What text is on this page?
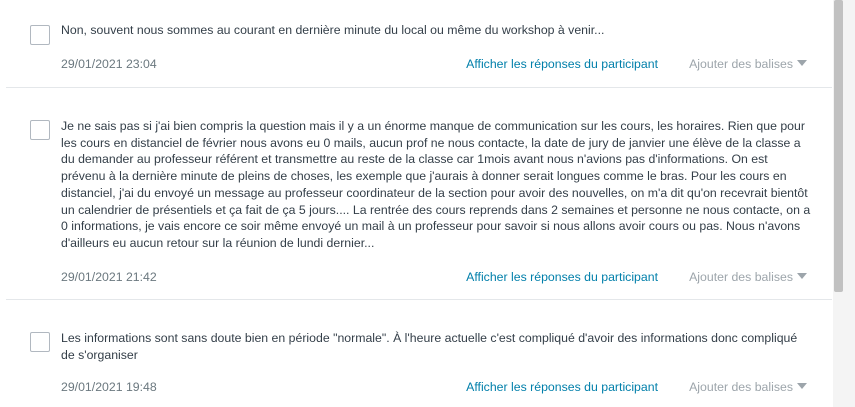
Non, souvent nous sommes au courant en dernière minute du local ou même du workshop à venir...

29/01/2021 23:04	Afficher les réponses du participant	Ajouter des balises

Je ne sais pas si j'ai bien compris la question mais il y a un énorme manque de communication sur les cours, les horaires. Rien que pour les cours en distanciel de février nous avons eu 0 mails, aucun prof ne nous contacte, la date de jury de janvier une élève de la classe a du demander au professeur référent et transmettre au reste de la classe car 1mois avant nous n'avions pas d'informations. On est prévenu à la dernière minute de pleins de choses, les exemple que j'aurais à donner serait longues comme le bras. Pour les cours en distanciel, j'ai du envoyé un message au professeur coordinateur de la section pour avoir des nouvelles, on m'a dit qu'on recevrait bientôt un calendrier de présentiels et ça fait de ça 5 jours.... La rentrée des cours reprends dans 2 semaines et personne ne nous contacte, on a 0 informations, je vais encore ce soir même envoyé un mail à un professeur pour savoir si nous allons avoir cours ou pas. Nous n'avons d'ailleurs eu aucun retour sur la réunion de lundi dernier...

29/01/2021 21:42	Afficher les réponses du participant	Ajouter des balises

Les informations sont sans doute bien en période "normale". À l'heure actuelle c'est compliqué d'avoir des informations donc compliqué de s'organiser

29/01/2021 19:48	Afficher les réponses du participant	Ajouter des balises
